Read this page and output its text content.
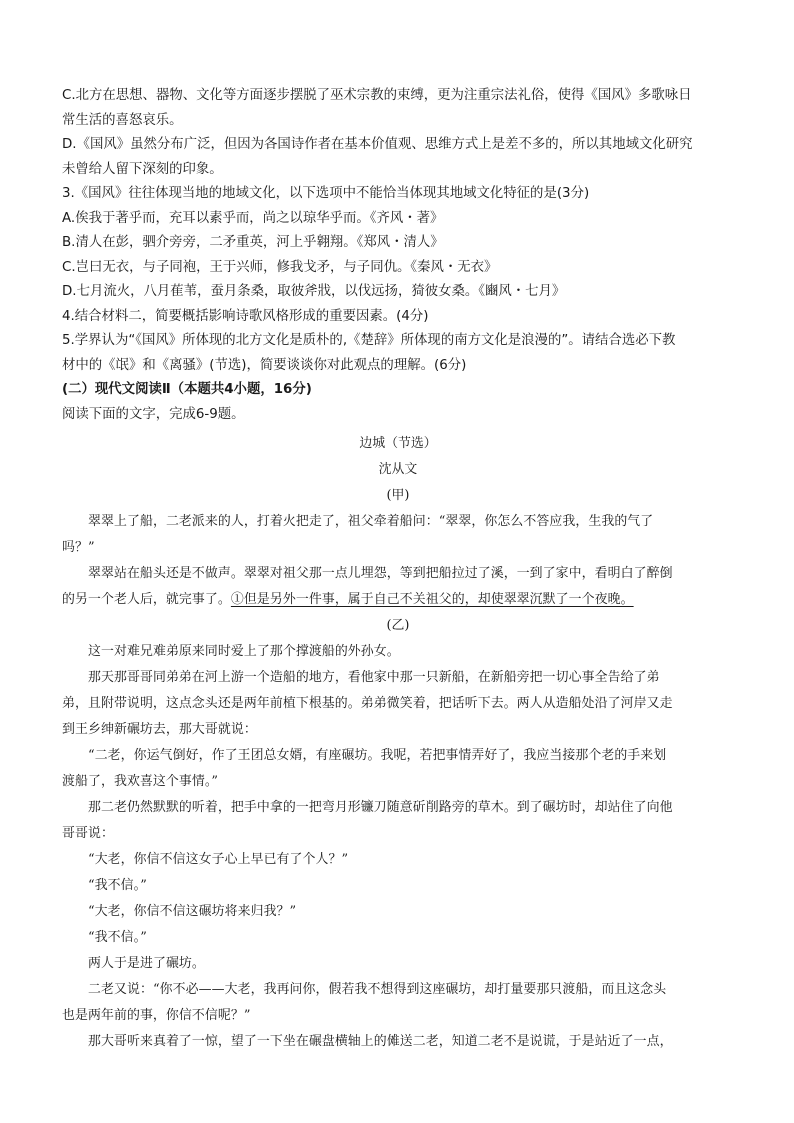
C.北方在思想、器物、文化等方面逐步摆脱了巫术宗教的束缚，更为注重宗法礼俗，使得《国风》多歌咏日
常生活的喜怒哀乐。
D.《国风》虽然分布广泛，但因为各国诗作者在基本价值观、思维方式上是差不多的，所以其地域文化研究
未曾给人留下深刻的印象。
3.《国风》往往体现当地的地域文化，以下选项中不能恰当体现其地域文化特征的是(3分)
A.俟我于著乎而，充耳以素乎而，尚之以琼华乎而。《齐风・著》
B.清人在彭，驷介旁旁，二矛重英，河上乎翱翔。《郑风・清人》
C.岂曰无衣，与子同袍，王于兴师，修我戈矛，与子同仇。《秦风・无衣》
D.七月流火，八月萑苇，蚕月条桑，取彼斧戕，以伐远扬，猗彼女桑。《豳风・七月》
4.结合材料二，简要概括影响诗歌风格形成的重要因素。(4分)
5.学界认为“《国风》所体现的北方文化是质朴的,《楚辞》所体现的南方文化是浪漫的”。请结合选必下教
材中的《氓》和《离骚》(节选)，简要谈谈你对此观点的理解。(6分)
(二）现代文阅读Ⅱ（本题共4小题，16分)
阅读下面的文字，完成6-9题。
边城（节选）
沈从文
(甲)
翠翠上了船，二老派来的人，打着火把走了，祖父牵着船问：“翠翠，你怎么不答应我，生我的气了
吗？”
翠翠站在船头还是不做声。翠翠对祖父那一点儿埋怨，等到把船拉过了溪，一到了家中，看明白了醉倒
的另一个老人后，就完事了。①但是另外一件事，属于自己不关祖父的，却使翠翠沉默了一个夜晚。
(乙)
这一对难兄难弟原来同时爱上了那个撑渡船的外孙女。
那天那哥哥同弟弟在河上游一个造船的地方，看他家中那一只新船，在新船旁把一切心事全告给了弟
弟，且附带说明，这点念头还是两年前植下根基的。弟弟微笑着，把话听下去。两人从造船处沿了河岸又走
到王乡绅新碾坊去，那大哥就说：
“二老，你运气倒好，作了王团总女婿，有座碾坊。我呢，若把事情弄好了，我应当接那个老的手来划
渡船了，我欢喜这个事情。”
那二老仍然默默的听着，把手中拿的一把弯月形镰刀随意斫削路旁的草木。到了碾坊时，却站住了向他
哥哥说：
“大老，你信不信这女子心上早已有了个人？”
“我不信。”
“大老，你信不信这碾坊将来归我？”
“我不信。”
两人于是进了碾坊。
二老又说：“你不必——大老，我再问你，假若我不想得到这座碾坊，却打量要那只渡船，而且这念头
也是两年前的事，你信不信呢？”
那大哥听来真着了一惊，望了一下坐在碾盘横轴上的傩送二老，知道二老不是说谎，于是站近了一点，
